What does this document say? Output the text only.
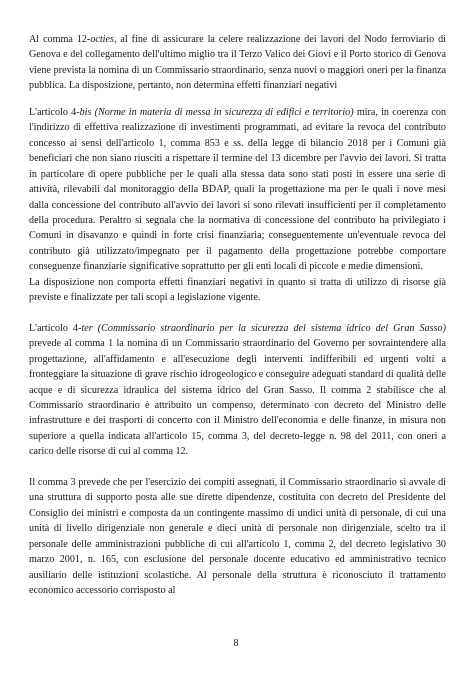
Al comma 12-octies, al fine di assicurare la celere realizzazione dei lavori del Nodo ferroviario di Genova e del collegamento dell'ultimo miglio tra il Terzo Valico dei Giovi e il Porto storico di Genova viene prevista la nomina di un Commissario straordinario, senza nuovi o maggiori oneri per la finanza pubblica. La disposizione, pertanto, non determina effetti finanziari negativi

L'articolo 4-bis (Norme in materia di messa in sicurezza di edifici e territorio) mira, in coerenza con l'indirizzo di effettiva realizzazione di investimenti programmati, ad evitare la revoca del contributo concesso ai sensi dell'articolo 1, comma 853 e ss. della legge di bilancio 2018 per i Comuni già beneficiari che non siano riusciti a rispettare il termine del 13 dicembre per l'avvio dei lavori. Si tratta in particolare di opere pubbliche per le quali alla stessa data sono stati posti in essere una serie di attività, rilevabili dal monitoraggio della BDAP, quali la progettazione ma per le quali i nove mesi dalla concessione del contributo all'avvio dei lavori si sono rilevati insufficienti per il completamento della procedura. Peraltro si segnala che la normativa di concessione del contributo ha privilegiato i Comuni in disavanzo e quindi in forte crisi finanziaria; conseguentemente un'eventuale revoca del contributo già utilizzato/impegnato per il pagamento della progettazione potrebbe comportare conseguenze finanziarie significative soprattutto per gli enti locali di piccole e medie dimensioni.

La disposizione non comporta effetti finanziari negativi in quanto si tratta di utilizzo di risorse già previste e finalizzate per tali scopi a legislazione vigente.

L'articolo 4-ter (Commissario straordinario per la sicurezza del sistema idrico del Gran Sasso) prevede al comma 1 la nomina di un Commissario straordinario del Governo per sovraintendere alla progettazione, all'affidamento e all'esecuzione degli interventi indifferibili ed urgenti volti a fronteggiare la situazione di grave rischio idrogeologico e conseguire adeguati standard di qualità delle acque e di sicurezza idraulica del sistema idrico del Gran Sasso. Il comma 2 stabilisce che al Commissario straordinario è attribuito un compenso, determinato con decreto del Ministro delle infrastrutture e dei trasporti di concerto con il Ministro dell'economia e delle finanze, in misura non superiore a quella indicata all'articolo 15, comma 3, del decreto-legge n. 98 del 2011, con oneri a carico delle risorse di cui al comma 12.

Il comma 3 prevede che per l'esercizio dei compiti assegnati, il Commissario straordinario si avvale di una struttura di supporto posta alle sue dirette dipendenze, costituita con decreto del Presidente del Consiglio dei ministri e composta da un contingente massimo di undici unità di personale, di cui una unità di livello dirigenziale non generale e dieci unità di personale non dirigenziale, scelto tra il personale delle amministrazioni pubbliche di cui all'articolo 1, comma 2, del decreto legislativo 30 marzo 2001, n. 165, con esclusione del personale docente educativo ed amministrativo tecnico ausiliario delle istituzioni scolastiche. Al personale della struttura è riconosciuto il trattamento economico accessorio corrisposto al

8
